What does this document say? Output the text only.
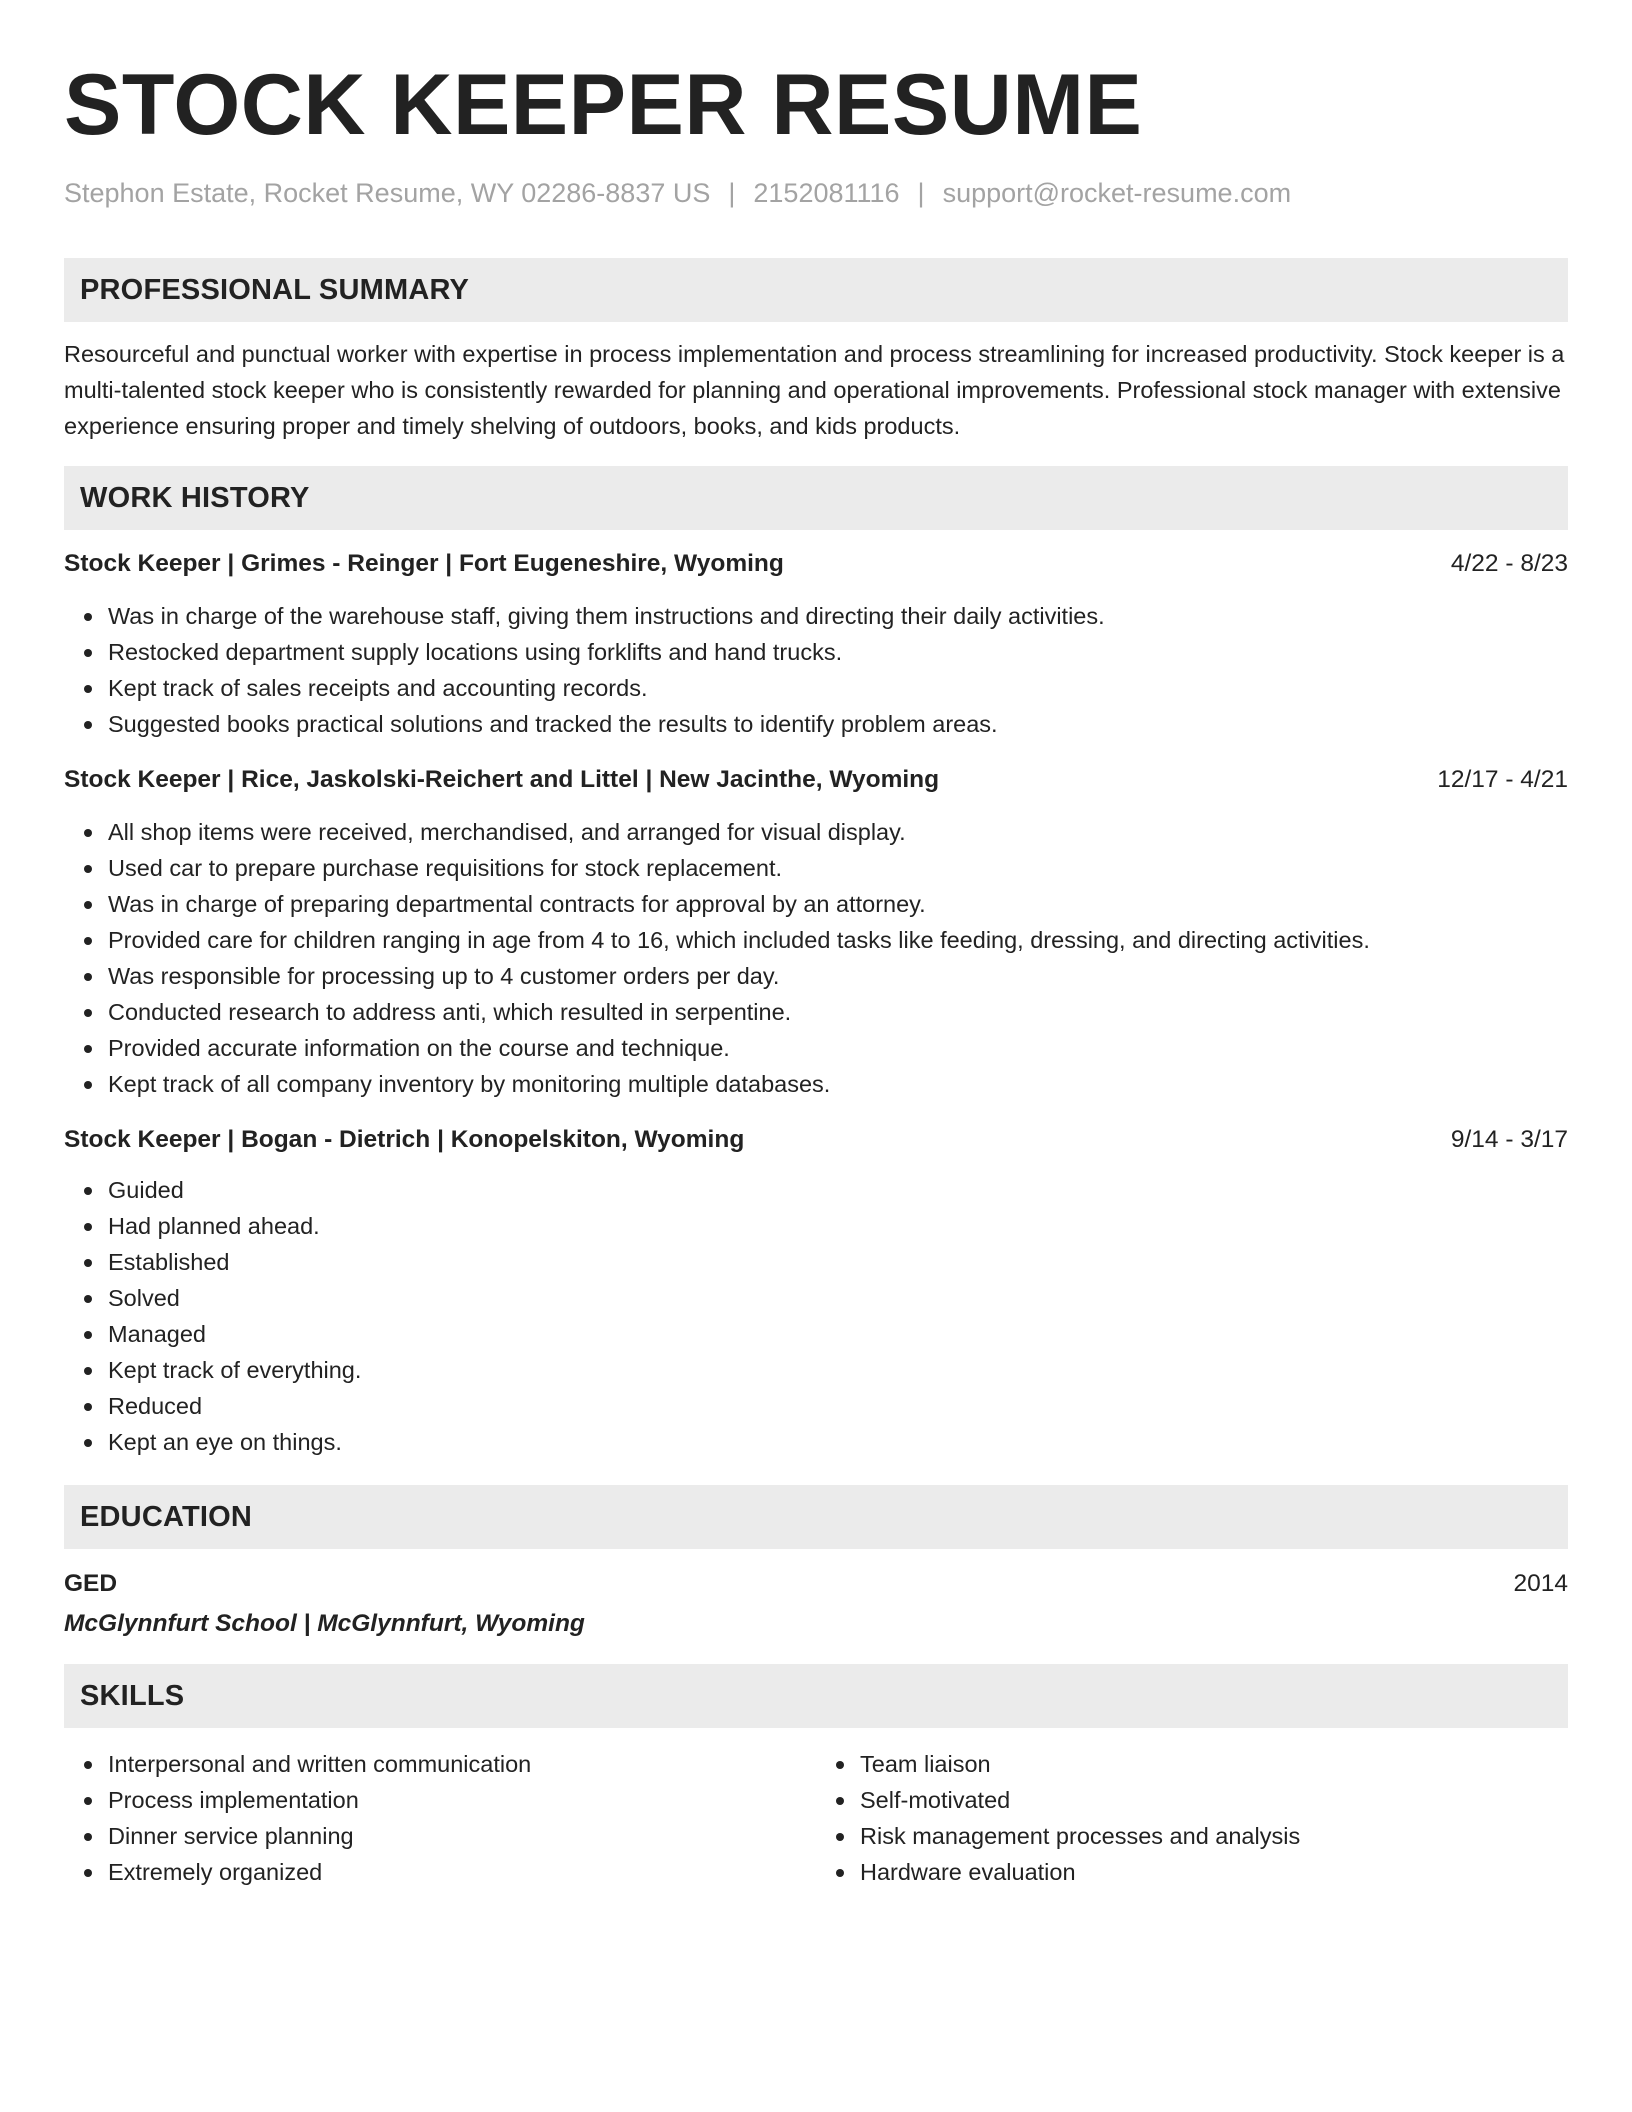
STOCK KEEPER RESUME
Stephon Estate, Rocket Resume, WY 02286-8837 US | 2152081116 | support@rocket-resume.com
PROFESSIONAL SUMMARY

Resourceful and punctual worker with expertise in process implementation and process streamlining for increased productivity. Stock keeper is a multi-talented stock keeper who is consistently rewarded for planning and operational improvements. Professional stock manager with extensive experience ensuring proper and timely shelving of outdoors, books, and kids products.

WORK HISTORY
Stock Keeper | Grimes - Reinger | Fort Eugeneshire, Wyoming	4/22 - 8/23
Was in charge of the warehouse staff, giving them instructions and directing their daily activities.
Restocked department supply locations using forklifts and hand trucks.
Kept track of sales receipts and accounting records.
Suggested books practical solutions and tracked the results to identify problem areas.
Stock Keeper | Rice, Jaskolski-Reichert and Littel | New Jacinthe, Wyoming	12/17 - 4/21
All shop items were received, merchandised, and arranged for visual display.
Used car to prepare purchase requisitions for stock replacement.
Was in charge of preparing departmental contracts for approval by an attorney.
Provided care for children ranging in age from 4 to 16, which included tasks like feeding, dressing, and directing activities.
Was responsible for processing up to 4 customer orders per day.
Conducted research to address anti, which resulted in serpentine.
Provided accurate information on the course and technique.
Kept track of all company inventory by monitoring multiple databases.
Stock Keeper | Bogan - Dietrich | Konopelskiton, Wyoming	9/14 - 3/17
Guided
Had planned ahead.
Established
Solved
Managed
Kept track of everything.
Reduced
Kept an eye on things.
EDUCATION
GED	2014
McGlynnfurt School | McGlynnfurt, Wyoming
SKILLS
Interpersonal and written communication
Process implementation
Dinner service planning
Extremely organized
Team liaison
Self-motivated
Risk management processes and analysis
Hardware evaluation
